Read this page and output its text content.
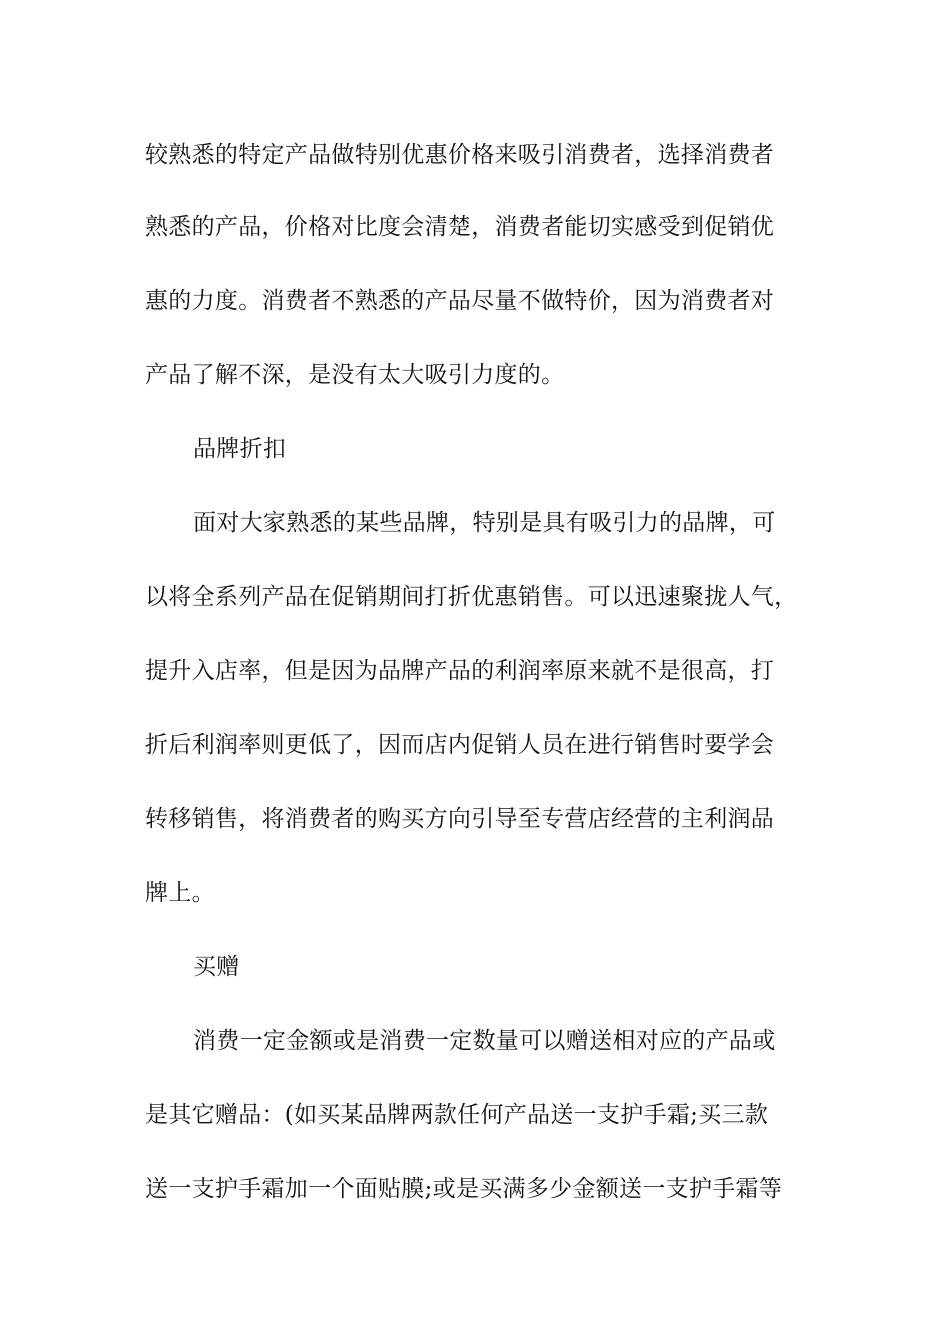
较熟悉的特定产品做特别优惠价格来吸引消费者，选择消费者
熟悉的产品，价格对比度会清楚，消费者能切实感受到促销优
惠的力度。消费者不熟悉的产品尽量不做特价，因为消费者对
产品了解不深，是没有太大吸引力度的。
品牌折扣
面对大家熟悉的某些品牌，特别是具有吸引力的品牌，可
以将全系列产品在促销期间打折优惠销售。可以迅速聚拢人气，
提升入店率，但是因为品牌产品的利润率原来就不是很高，打
折后利润率则更低了，因而店内促销人员在进行销售时要学会
转移销售，将消费者的购买方向引导至专营店经营的主利润品
牌上。
买赠
消费一定金额或是消费一定数量可以赠送相对应的产品或
是其它赠品：(如买某品牌两款任何产品送一支护手霜;买三款
送一支护手霜加一个面贴膜;或是买满多少金额送一支护手霜等
